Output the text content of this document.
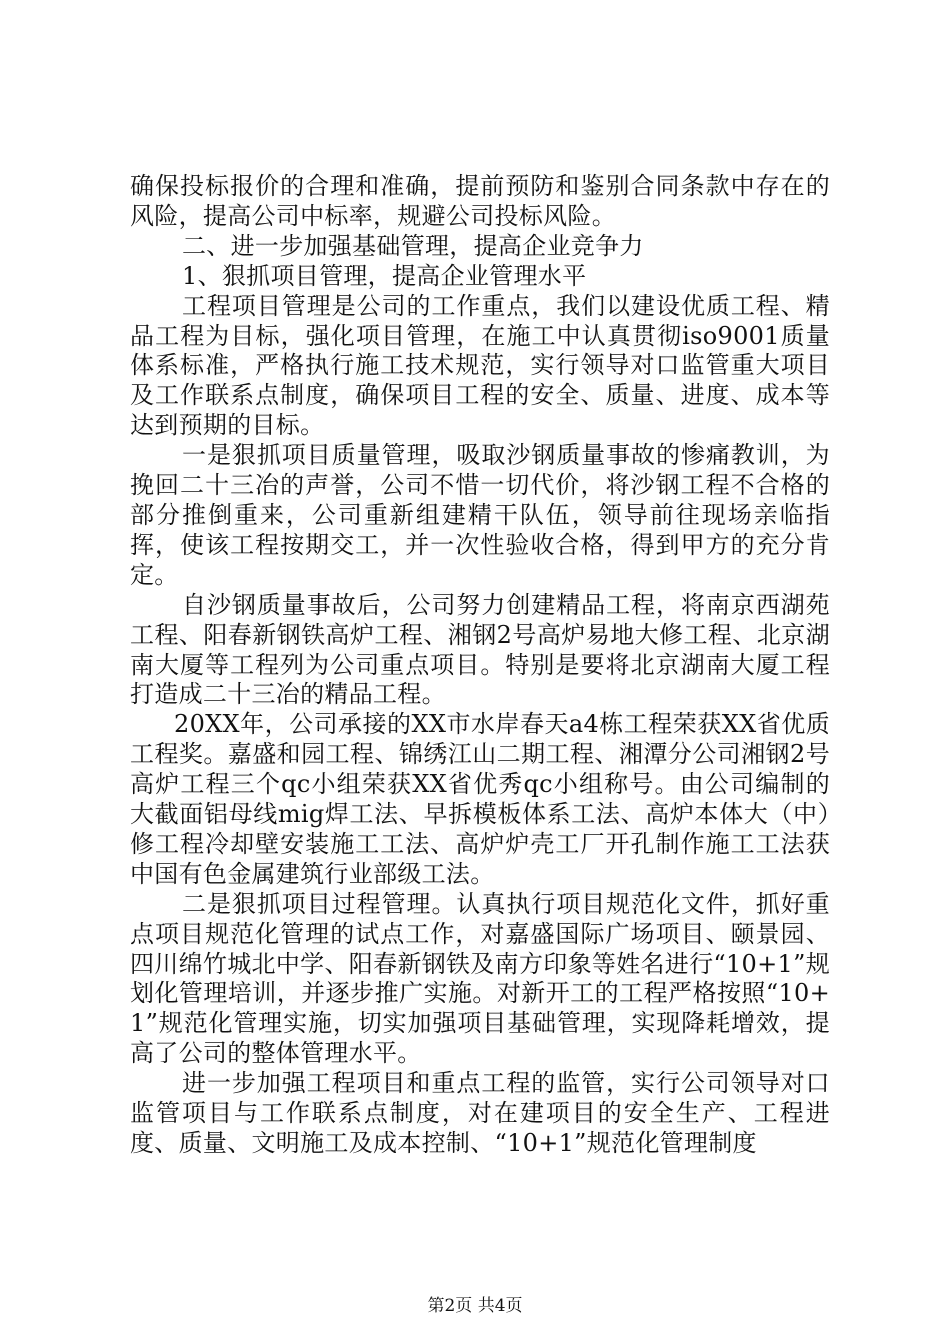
确保投标报价的合理和准确，提前预防和鉴别合同条款中存在的风险，提高公司中标率，规避公司投标风险。

二、进一步加强基础管理，提高企业竞争力

1、狠抓项目管理，提高企业管理水平

工程项目管理是公司的工作重点，我们以建设优质工程、精品工程为目标，强化项目管理，在施工中认真贯彻iso9001质量体系标准，严格执行施工技术规范，实行领导对口监管重大项目及工作联系点制度，确保项目工程的安全、质量、进度、成本等达到预期的目标。

一是狠抓项目质量管理，吸取沙钢质量事故的惨痛教训，为挽回二十三冶的声誉，公司不惜一切代价，将沙钢工程不合格的部分推倒重来，公司重新组建精干队伍，领导前往现场亲临指挥，使该工程按期交工，并一次性验收合格，得到甲方的充分肯定。

自沙钢质量事故后，公司努力创建精品工程，将南京西湖苑工程、阳春新钢铁高炉工程、湘钢2号高炉易地大修工程、北京湖南大厦等工程列为公司重点项目。特别是要将北京湖南大厦工程打造成二十三冶的精品工程。

20XX年，公司承接的XX市水岸春天a4栋工程荣获XX省优质工程奖。嘉盛和园工程、锦绣江山二期工程、湘潭分公司湘钢2号高炉工程三个qc小组荣获XX省优秀qc小组称号。由公司编制的大截面铝母线mig焊工法、早拆模板体系工法、高炉本体大（中）修工程冷却壁安装施工工法、高炉炉壳工厂开孔制作施工工法获中国有色金属建筑行业部级工法。

二是狠抓项目过程管理。认真执行项目规范化文件，抓好重点项目规范化管理的试点工作，对嘉盛国际广场项目、颐景园、四川绵竹城北中学、阳春新钢铁及南方印象等姓名进行“10+1”规划化管理培训，并逐步推广实施。对新开工的工程严格按照“10+1”规范化管理实施，切实加强项目基础管理，实现降耗增效，提高了公司的整体管理水平。

进一步加强工程项目和重点工程的监管，实行公司领导对口监管项目与工作联系点制度，对在建项目的安全生产、工程进度、质量、文明施工及成本控制、“10+1”规范化管理制度

第2页 共4页
